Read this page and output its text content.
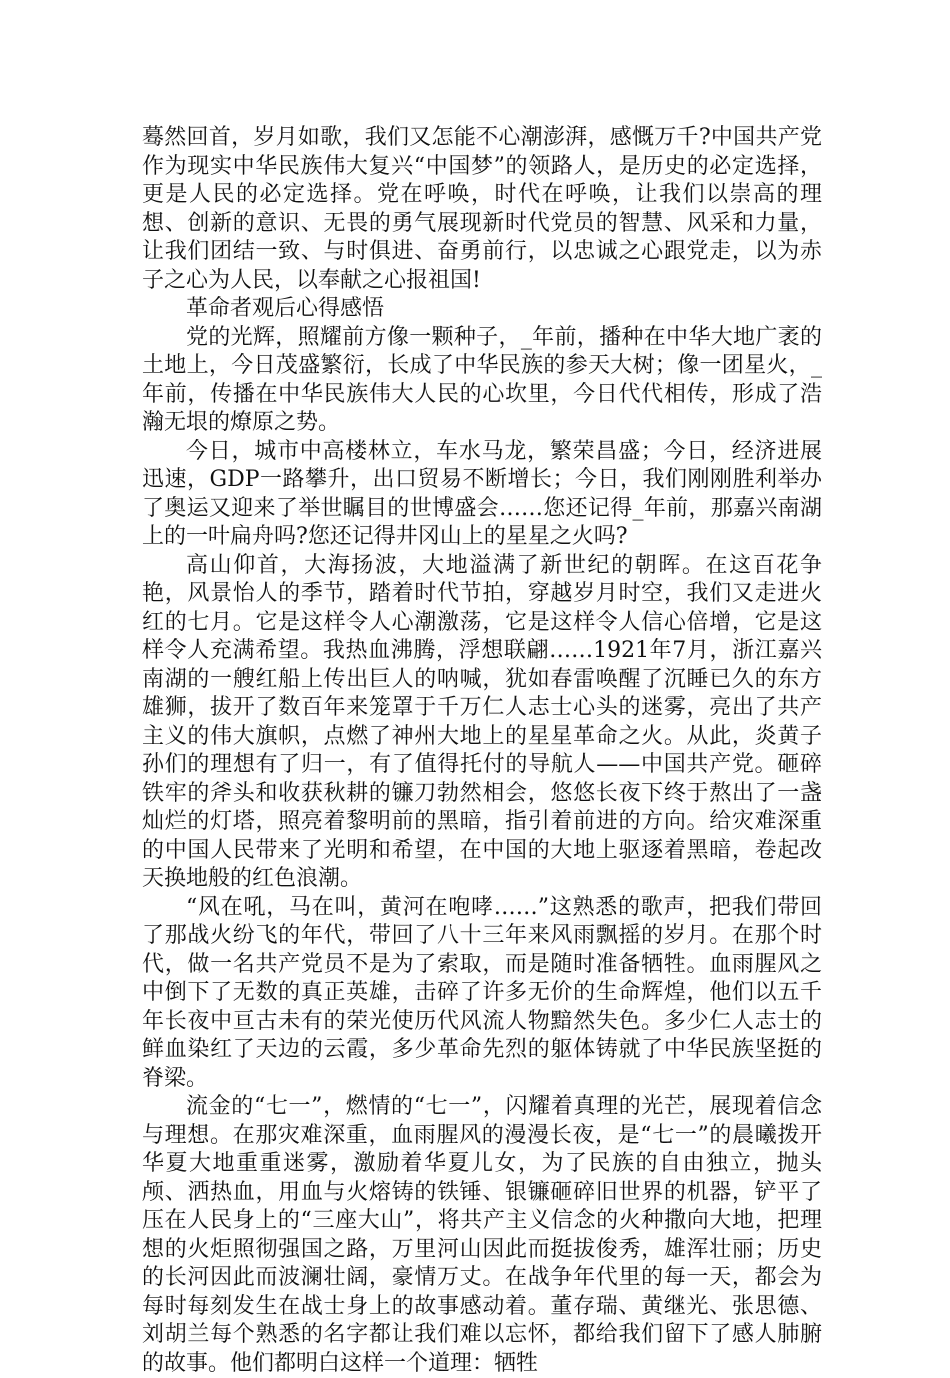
蓦然回首，岁月如歌，我们又怎能不心潮澎湃，感慨万千?中国共产党作为现实中华民族伟大复兴“中国梦”的领路人，是历史的必定选择，更是人民的必定选择。党在呼唤，时代在呼唤，让我们以崇高的理想、创新的意识、无畏的勇气展现新时代党员的智慧、风采和力量，让我们团结一致、与时俱进、奋勇前行，以忠诚之心跟党走，以为赤子之心为人民，以奉献之心报祖国!

革命者观后心得感悟

党的光辉，照耀前方像一颗种子，_年前，播种在中华大地广袤的土地上，今日茂盛繁衍，长成了中华民族的参天大树；像一团星火，_年前，传播在中华民族伟大人民的心坎里，今日代代相传，形成了浩瀚无垠的燎原之势。

今日，城市中高楼林立，车水马龙，繁荣昌盛；今日，经济进展迅速，GDP一路攀升，出口贸易不断增长；今日，我们刚刚胜利举办了奥运又迎来了举世瞩目的世博盛会……您还记得_年前，那嘉兴南湖上的一叶扁舟吗?您还记得井冈山上的星星之火吗?

高山仰首，大海扬波，大地溢满了新世纪的朝晖。在这百花争艳，风景怡人的季节，踏着时代节拍，穿越岁月时空，我们又走进火红的七月。它是这样令人心潮激荡，它是这样令人信心倍增，它是这样令人充满希望。我热血沸腾，浮想联翩……1921年7月，浙江嘉兴南湖的一艘红船上传出巨人的呐喊，犹如春雷唤醒了沉睡已久的东方雄狮，拔开了数百年来笼罩于千万仁人志士心头的迷雾，亮出了共产主义的伟大旗帜，点燃了神州大地上的星星革命之火。从此，炎黄子孙们的理想有了归一，有了值得托付的导航人——中国共产党。砸碎铁牢的斧头和收获秋耕的镰刀勃然相会，悠悠长夜下终于熬出了一盏灿烂的灯塔，照亮着黎明前的黑暗，指引着前进的方向。给灾难深重的中国人民带来了光明和希望，在中国的大地上驱逐着黑暗，卷起改天换地般的红色浪潮。

“风在吼，马在叫，黄河在咆哮……”这熟悉的歌声，把我们带回了那战火纷飞的年代，带回了八十三年来风雨飘摇的岁月。在那个时代，做一名共产党员不是为了索取，而是随时准备牺牲。血雨腥风之中倒下了无数的真正英雄，击碎了许多无价的生命辉煌，他们以五千年长夜中亘古未有的荣光使历代风流人物黯然失色。多少仁人志士的鲜血染红了天边的云霞，多少革命先烈的躯体铸就了中华民族坚挺的脊梁。

流金的“七一”，燃情的“七一”，闪耀着真理的光芒，展现着信念与理想。在那灾难深重，血雨腥风的漫漫长夜，是“七一”的晨曦拨开华夏大地重重迷雾，激励着华夏儿女，为了民族的自由独立，抛头颅、洒热血，用血与火熔铸的铁锤、银镰砸碎旧世界的机器，铲平了压在人民身上的“三座大山”，将共产主义信念的火种撒向大地，把理想的火炬照彻强国之路，万里河山因此而挺拔俊秀，雄浑壮丽；历史的长河因此而波澜壮阔，豪情万丈。在战争年代里的每一天，都会为每时每刻发生在战士身上的故事感动着。董存瑞、黄继光、张思德、刘胡兰每个熟悉的名字都让我们难以忘怀，都给我们留下了感人肺腑的故事。他们都明白这样一个道理：牺牲
